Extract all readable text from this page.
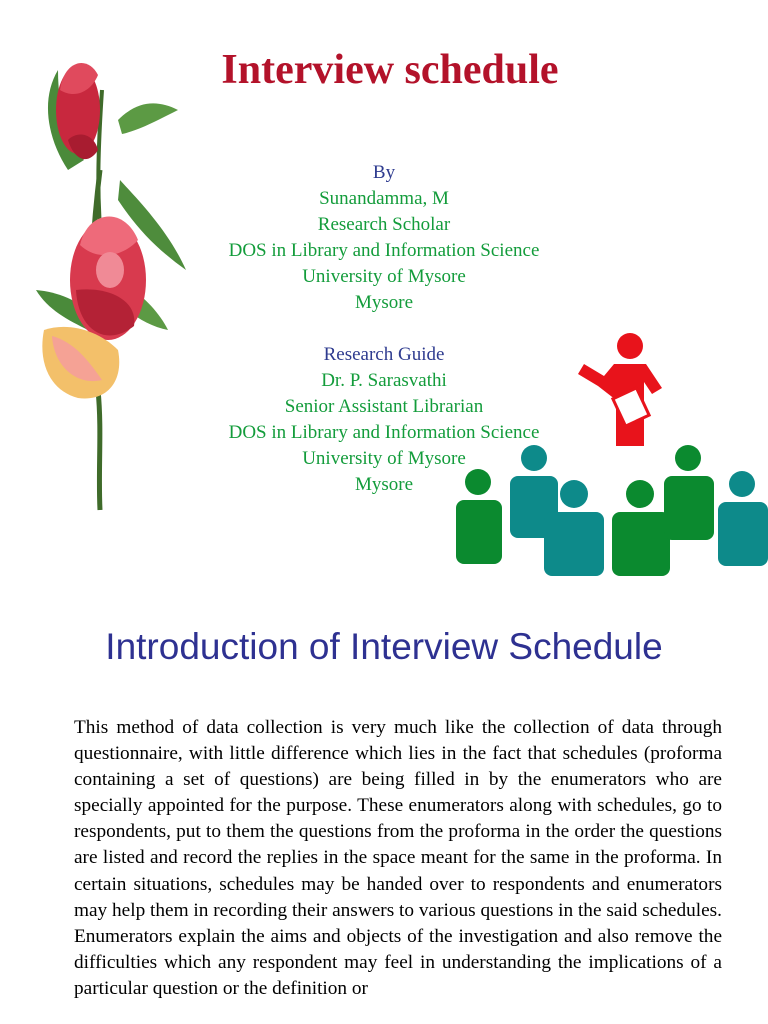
Interview schedule
By
Sunandamma, M
Research Scholar
DOS in Library and Information Science
University of Mysore
Mysore
Research Guide
Dr. P. Sarasvathi
Senior Assistant Librarian
DOS in Library and Information Science
University of Mysore
Mysore
Introduction of Interview Schedule
This method of data collection is very much like the collection of data through questionnaire, with little difference which lies in the fact that schedules (proforma containing a set of questions) are being filled in by the enumerators who are specially appointed for the purpose. These enumerators along with schedules, go to respondents, put to them the questions from the proforma in the order the questions are listed and record the replies in the space meant for the same in the proforma. In certain situations, schedules may be handed over to respondents and enumerators may help them in recording their answers to various questions in the said schedules. Enumerators explain the aims and objects of the investigation and also remove the difficulties which any respondent may feel in understanding the implications of a particular question or the definition or
